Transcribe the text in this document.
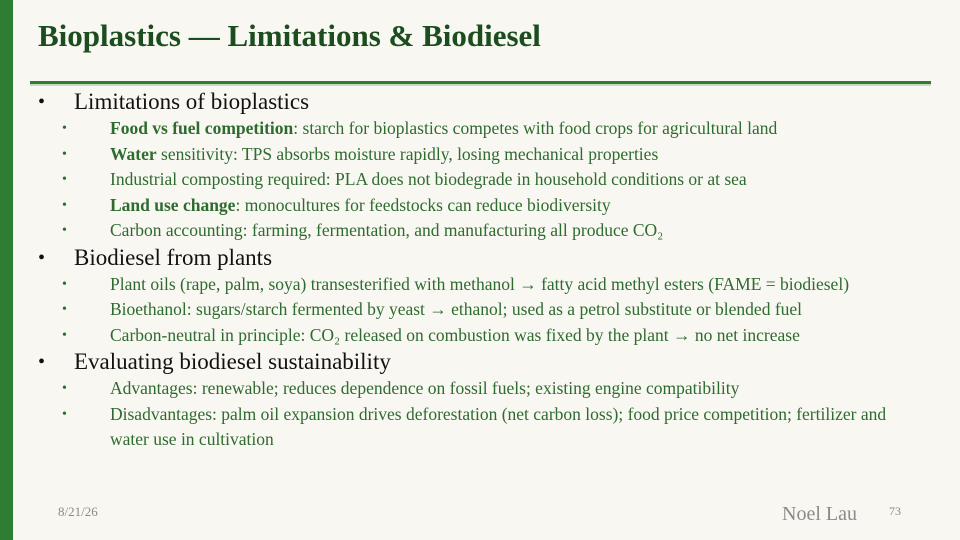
Bioplastics — Limitations & Biodiesel
• Limitations of bioplastics
• Food vs fuel competition: starch for bioplastics competes with food crops for agricultural land
• Water sensitivity: TPS absorbs moisture rapidly, losing mechanical properties
• Industrial composting required: PLA does not biodegrade in household conditions or at sea
• Land use change: monocultures for feedstocks can reduce biodiversity
• Carbon accounting: farming, fermentation, and manufacturing all produce CO₂
• Biodiesel from plants
• Plant oils (rape, palm, soya) transesterified with methanol → fatty acid methyl esters (FAME = biodiesel)
• Bioethanol: sugars/starch fermented by yeast → ethanol; used as a petrol substitute or blended fuel
• Carbon-neutral in principle: CO₂ released on combustion was fixed by the plant → no net increase
• Evaluating biodiesel sustainability
• Advantages: renewable; reduces dependence on fossil fuels; existing engine compatibility
• Disadvantages: palm oil expansion drives deforestation (net carbon loss); food price competition; fertilizer and water use in cultivation
8/21/26	Noel Lau	73
